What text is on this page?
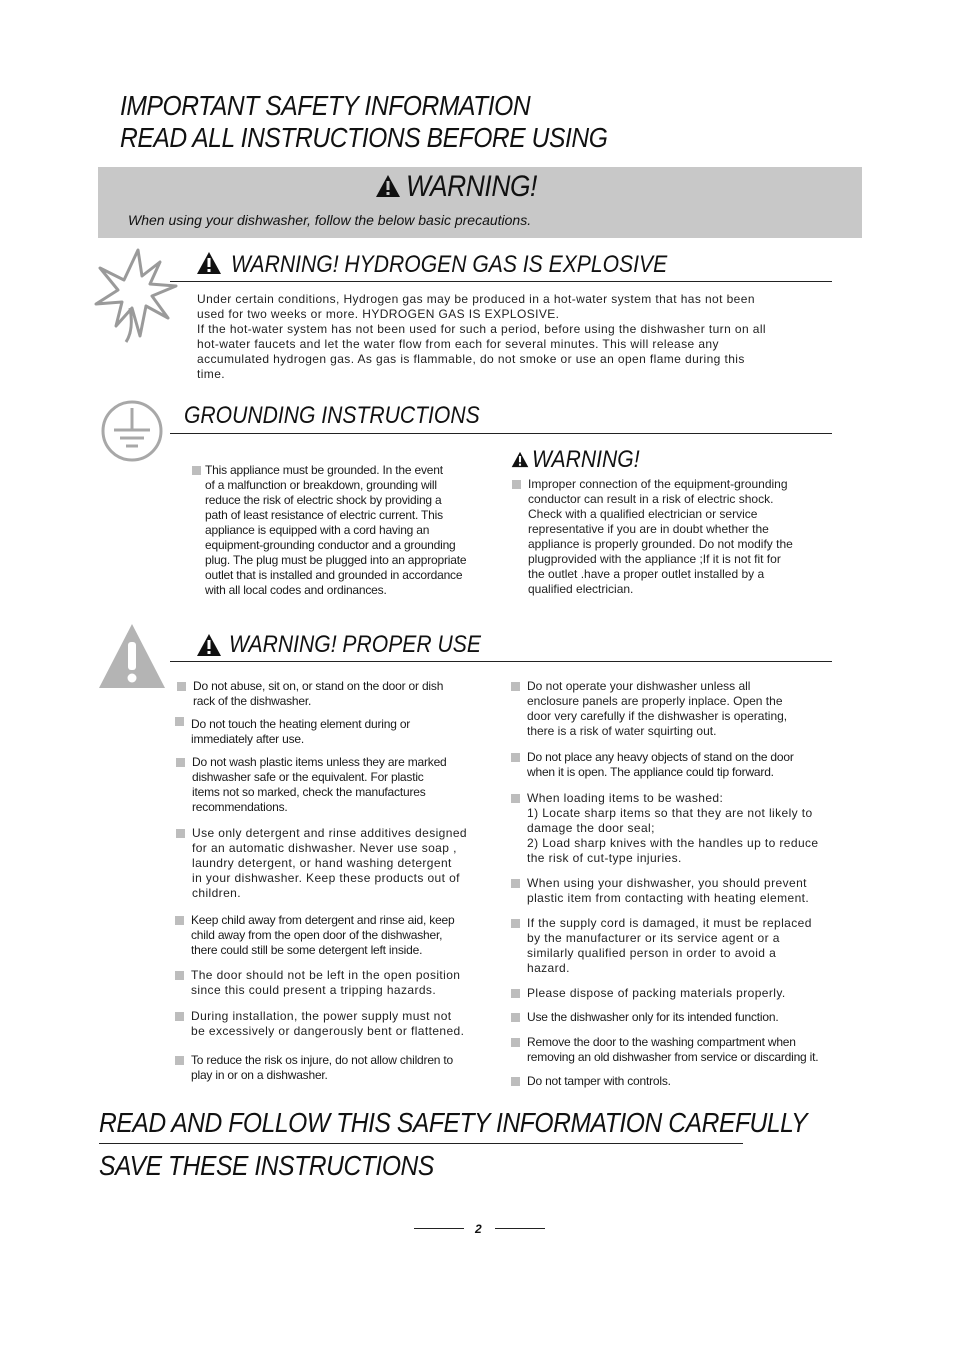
IMPORTANT SAFETY INFORMATION
READ ALL INSTRUCTIONS BEFORE USING
WARNING!
When using your dishwasher, follow the below basic precautions.
WARNING! HYDROGEN GAS IS EXPLOSIVE
Under certain conditions, Hydrogen gas may be produced in a hot-water system that has not been
used for two weeks or more. HYDROGEN GAS IS EXPLOSIVE.
If the hot-water system has not been used for such a period, before using the dishwasher turn on all
hot-water faucets and let the water flow from each for several minutes. This will release any
accumulated hydrogen gas. As gas is flammable, do not smoke or use an open flame during this
time.
GROUNDING INSTRUCTIONS
This appliance must be grounded. In the event
of a malfunction or breakdown, grounding will
reduce the risk of electric shock by providing a
path of least resistance of electric current. This
appliance is equipped with a cord having an
equipment-grounding conductor and a grounding
plug. The plug must be plugged into an appropriate
outlet that is installed and grounded in accordance
with all local codes and ordinances.
WARNING!
Improper connection of the equipment-grounding
conductor can result in a risk of electric shock.
Check with a qualified electrician or service
representative if you are in doubt whether the
appliance is properly grounded. Do not modify the
plugprovided with the appliance ;If it is not fit for
the outlet .have a proper outlet installed by a
qualified electrician.
WARNING! PROPER USE
Do not abuse, sit on, or stand on the door or dish
rack of the dishwasher.
Do not touch the heating element during or
immediately after use.
Do not wash plastic items unless they are marked
dishwasher safe or the equivalent. For plastic
items not so marked, check the manufactures
recommendations.
Use only detergent and rinse additives designed
for an automatic dishwasher. Never use soap ,
laundry detergent, or hand washing detergent
in your dishwasher. Keep these products out of
children.
Keep child away from detergent and rinse aid, keep
child away from the open door of the dishwasher,
there could still be some detergent left inside.
The door should not be left in the open position
since this could present a tripping hazards.
During installation, the power supply must not
be excessively or dangerously bent or flattened.
To reduce the risk os injure, do not allow children to
play in or on a dishwasher.
Do not operate your dishwasher unless all
enclosure panels are properly inplace. Open the
door very carefully if the dishwasher is operating,
there is a risk of water squirting out.
Do not place any heavy objects of stand on the door
when it is open. The appliance could tip forward.
When loading items to be washed:
1) Locate sharp items so that they are not likely to
damage the door seal;
2) Load sharp knives with the handles up to reduce
the risk of cut-type injuries.
When using your dishwasher, you should prevent
plastic item from contacting with heating element.
If the supply cord is damaged, it must be replaced
by the manufacturer or its service agent or a
similarly qualified person in order to avoid a
hazard.
Please dispose of packing materials properly.
Use the dishwasher only for its intended function.
Remove the door to the washing compartment when
removing an old dishwasher from service or discarding it.
Do not tamper with controls.
READ AND FOLLOW THIS SAFETY INFORMATION CAREFULLY
SAVE THESE INSTRUCTIONS
2
